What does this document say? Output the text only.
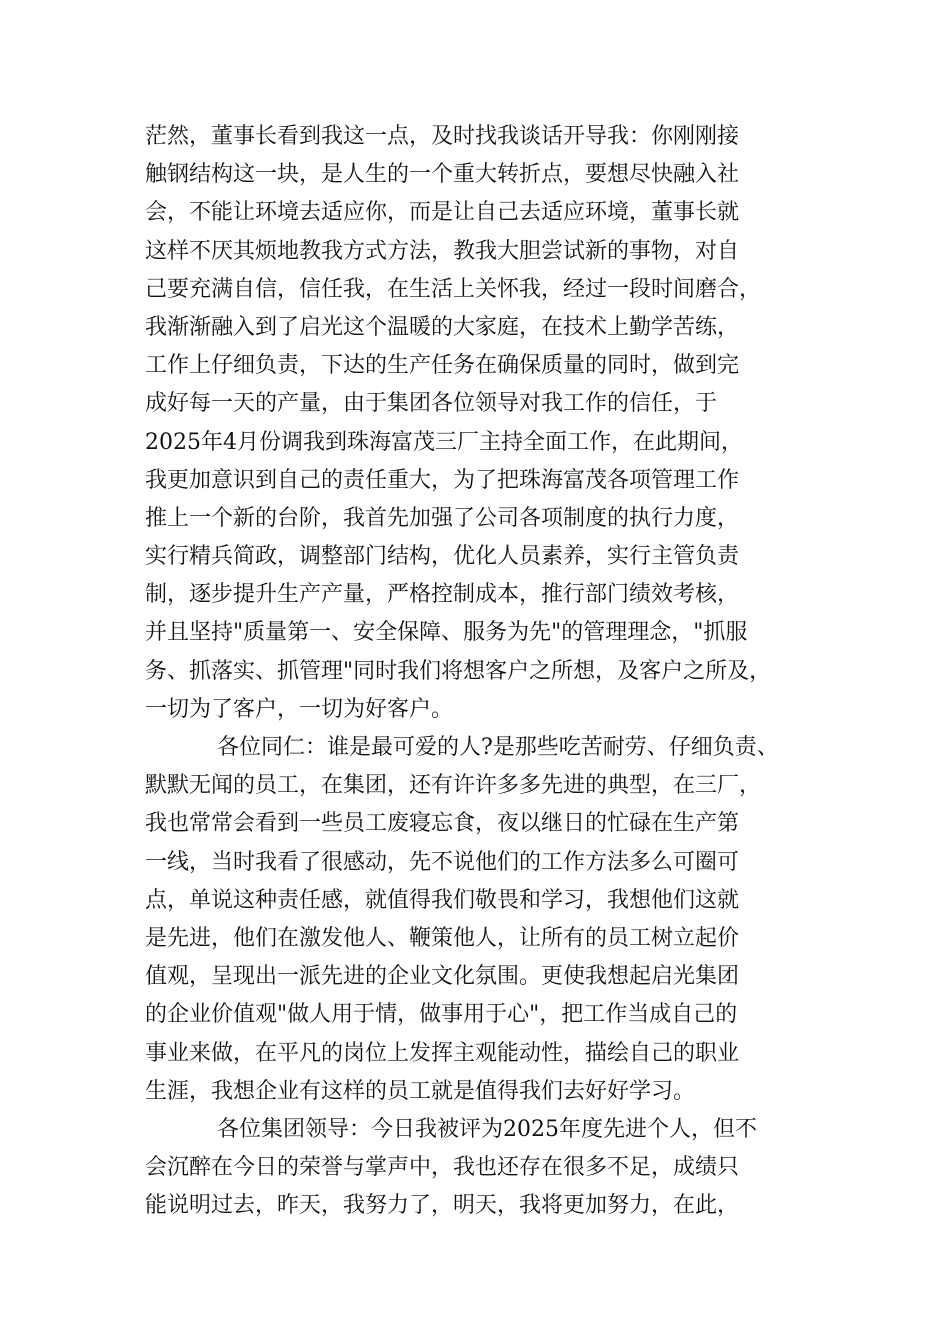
茫然，董事长看到我这一点，及时找我谈话开导我：你刚刚接
触钢结构这一块，是人生的一个重大转折点，要想尽快融入社
会，不能让环境去适应你，而是让自己去适应环境，董事长就
这样不厌其烦地教我方式方法，教我大胆尝试新的事物，对自
己要充满自信，信任我，在生活上关怀我，经过一段时间磨合，
我渐渐融入到了启光这个温暖的大家庭，在技术上勤学苦练，
工作上仔细负责，下达的生产任务在确保质量的同时，做到完
成好每一天的产量，由于集团各位领导对我工作的信任，于
2025年4月份调我到珠海富茂三厂主持全面工作，在此期间，
我更加意识到自己的责任重大，为了把珠海富茂各项管理工作
推上一个新的台阶，我首先加强了公司各项制度的执行力度，
实行精兵简政，调整部门结构，优化人员素养，实行主管负责
制，逐步提升生产产量，严格控制成本，推行部门绩效考核，
并且坚持"质量第一、安全保障、服务为先"的管理理念，"抓服
务、抓落实、抓管理"同时我们将想客户之所想，及客户之所及，
一切为了客户，一切为好客户。
各位同仁：谁是最可爱的人?是那些吃苦耐劳、仔细负责、
默默无闻的员工，在集团，还有许许多多先进的典型，在三厂，
我也常常会看到一些员工废寝忘食，夜以继日的忙碌在生产第
一线，当时我看了很感动，先不说他们的工作方法多么可圈可
点，单说这种责任感，就值得我们敬畏和学习，我想他们这就
是先进，他们在激发他人、鞭策他人，让所有的员工树立起价
值观，呈现出一派先进的企业文化氛围。更使我想起启光集团
的企业价值观"做人用于情，做事用于心"，把工作当成自己的
事业来做，在平凡的岗位上发挥主观能动性，描绘自己的职业
生涯，我想企业有这样的员工就是值得我们去好好学习。
各位集团领导：今日我被评为2025年度先进个人，但不
会沉醉在今日的荣誉与掌声中，我也还存在很多不足，成绩只
能说明过去，昨天，我努力了，明天，我将更加努力，在此，
